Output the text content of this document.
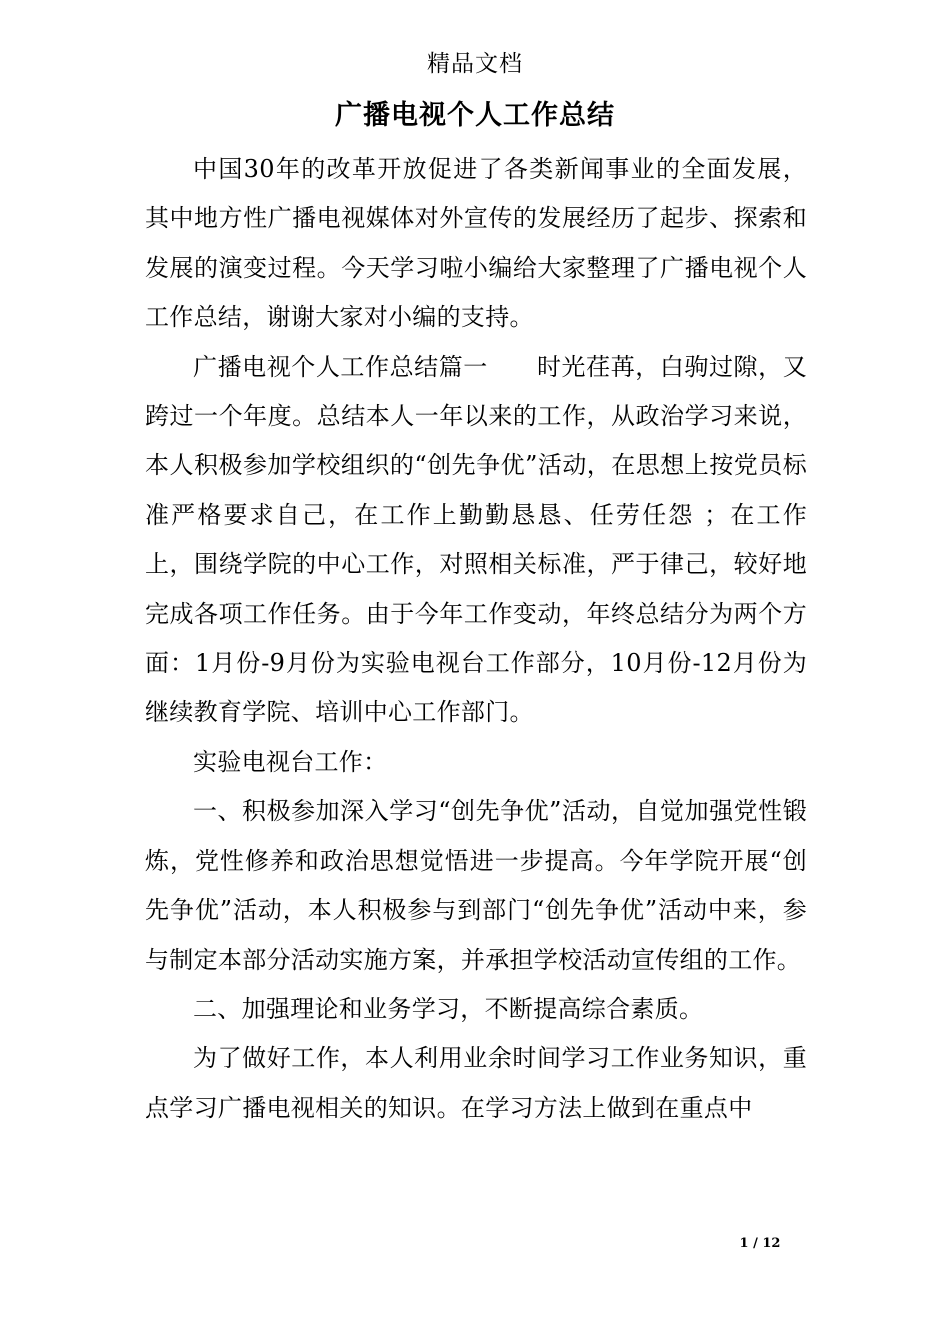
精品文档
广播电视个人工作总结

中国30年的改革开放促进了各类新闻事业的全面发展，其中地方性广播电视媒体对外宣传的发展经历了起步、探索和发展的演变过程。今天学习啦小编给大家整理了广播电视个人工作总结，谢谢大家对小编的支持。

广播电视个人工作总结篇一　　时光荏苒，白驹过隙，又跨过一个年度。总结本人一年以来的工作，从政治学习来说，本人积极参加学校组织的“创先争优”活动，在思想上按党员标准严格要求自己，在工作上勤勤恳恳、任劳任怨 ；在工作上，围绕学院的中心工作，对照相关标准，严于律己，较好地完成各项工作任务。由于今年工作变动，年终总结分为两个方面：1月份-9月份为实验电视台工作部分，10月份-12月份为继续教育学院、培训中心工作部门。

实验电视台工作：

一、积极参加深入学习“创先争优”活动，自觉加强党性锻炼，党性修养和政治思想觉悟进一步提高。今年学院开展“创先争优”活动，本人积极参与到部门“创先争优”活动中来，参与制定本部分活动实施方案，并承担学校活动宣传组的工作。

二、加强理论和业务学习，不断提高综合素质。

为了做好工作，本人利用业余时间学习工作业务知识，重点学习广播电视相关的知识。在学习方法上做到在重点中

1 / 12
